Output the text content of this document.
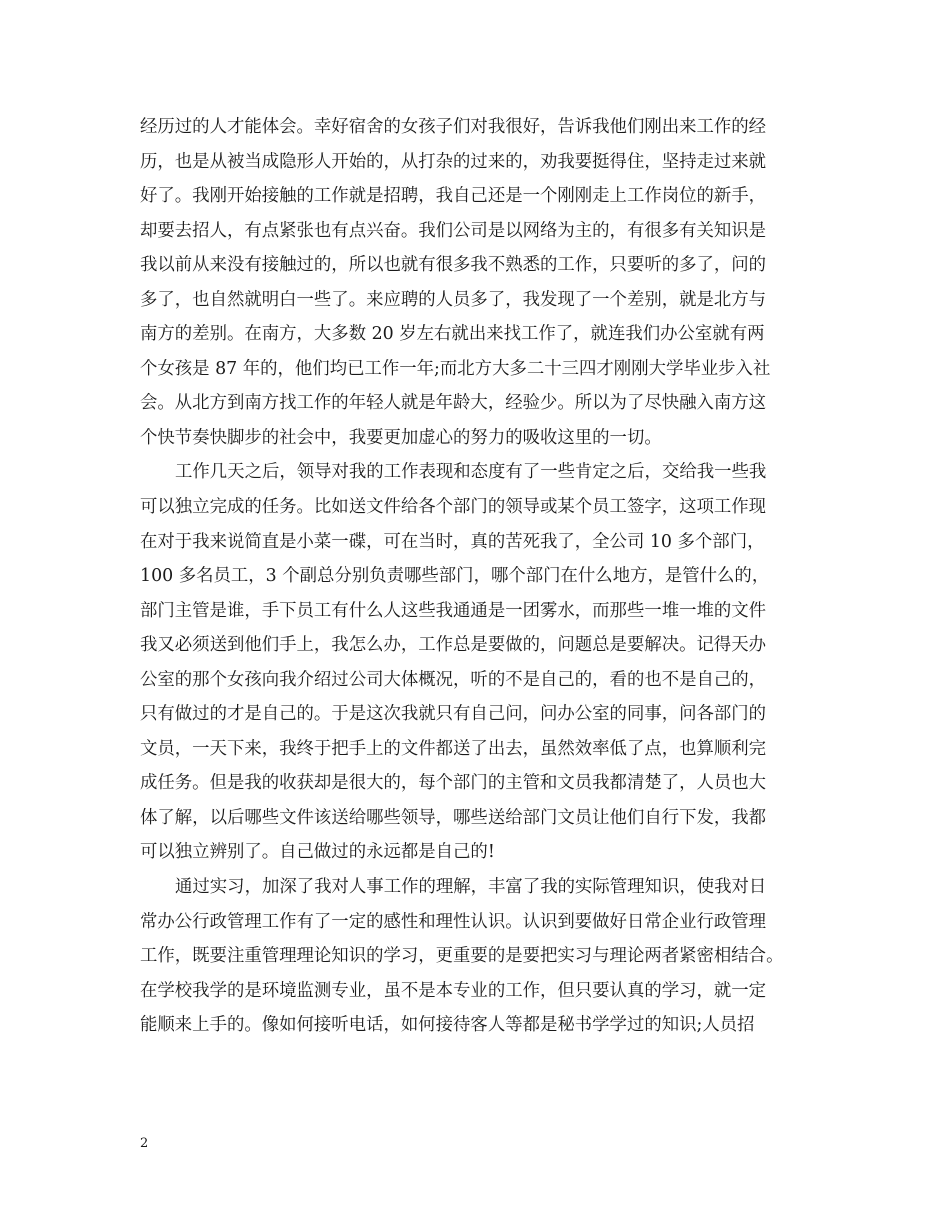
经历过的人才能体会。幸好宿舍的女孩子们对我很好，告诉我他们刚出来工作的经
历，也是从被当成隐形人开始的，从打杂的过来的，劝我要挺得住，坚持走过来就
好了。我刚开始接触的工作就是招聘，我自己还是一个刚刚走上工作岗位的新手，
却要去招人，有点紧张也有点兴奋。我们公司是以网络为主的，有很多有关知识是
我以前从来没有接触过的，所以也就有很多我不熟悉的工作，只要听的多了，问的
多了，也自然就明白一些了。来应聘的人员多了，我发现了一个差别，就是北方与
南方的差别。在南方，大多数 20 岁左右就出来找工作了，就连我们办公室就有两
个女孩是 87 年的，他们均已工作一年;而北方大多二十三四才刚刚大学毕业步入社
会。从北方到南方找工作的年轻人就是年龄大，经验少。所以为了尽快融入南方这
个快节奏快脚步的社会中，我要更加虚心的努力的吸收这里的一切。
工作几天之后，领导对我的工作表现和态度有了一些肯定之后，交给我一些我
可以独立完成的任务。比如送文件给各个部门的领导或某个员工签字，这项工作现
在对于我来说简直是小菜一碟，可在当时，真的苦死我了，全公司 10 多个部门，
100 多名员工，3 个副总分别负责哪些部门，哪个部门在什么地方，是管什么的，
部门主管是谁，手下员工有什么人这些我通通是一团雾水，而那些一堆一堆的文件
我又必须送到他们手上，我怎么办，工作总是要做的，问题总是要解决。记得天办
公室的那个女孩向我介绍过公司大体概况，听的不是自己的，看的也不是自己的，
只有做过的才是自己的。于是这次我就只有自己问，问办公室的同事，问各部门的
文员，一天下来，我终于把手上的文件都送了出去，虽然效率低了点，也算顺利完
成任务。但是我的收获却是很大的，每个部门的主管和文员我都清楚了，人员也大
体了解，以后哪些文件该送给哪些领导，哪些送给部门文员让他们自行下发，我都
可以独立辨别了。自己做过的永远都是自己的!
通过实习，加深了我对人事工作的理解，丰富了我的实际管理知识，使我对日
常办公行政管理工作有了一定的感性和理性认识。认识到要做好日常企业行政管理
工作，既要注重管理理论知识的学习，更重要的是要把实习与理论两者紧密相结合。
在学校我学的是环境监测专业，虽不是本专业的工作，但只要认真的学习，就一定
能顺来上手的。像如何接听电话，如何接待客人等都是秘书学学过的知识;人员招
2
